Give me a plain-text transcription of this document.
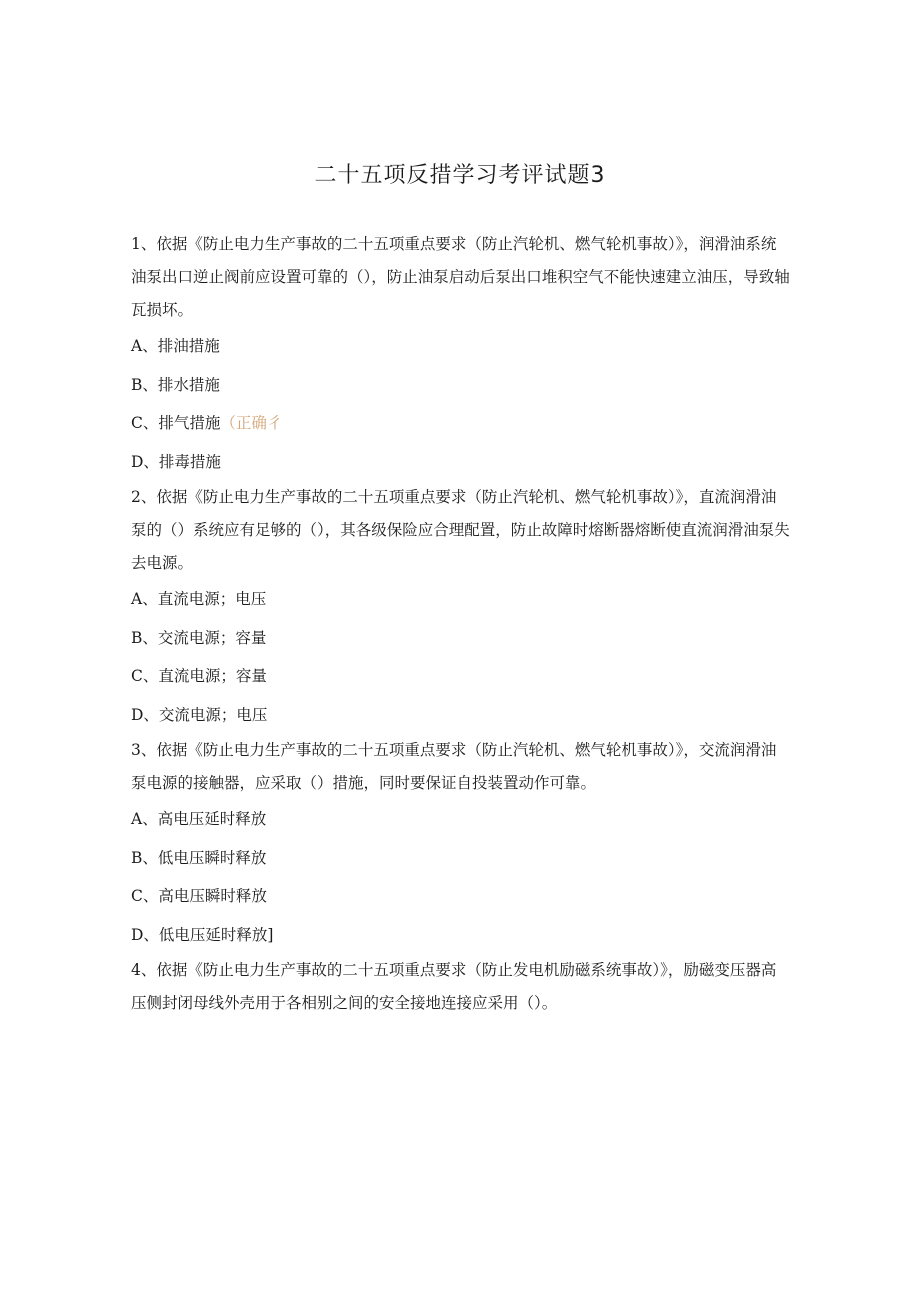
二十五项反措学习考评试题3

1、依据《防止电力生产事故的二十五项重点要求（防止汽轮机、燃气轮机事故）》，润滑油系统油泵出口逆止阀前应设置可靠的（），防止油泵启动后泵出口堆积空气不能快速建立油压，导致轴瓦损坏。

A、排油措施

B、排水措施

C、排气措施（正确彳

D、排毒措施

2、依据《防止电力生产事故的二十五项重点要求（防止汽轮机、燃气轮机事故）》，直流润滑油泵的（）系统应有足够的（），其各级保险应合理配置，防止故障时熔断器熔断使直流润滑油泵失去电源。

A、直流电源；电压

B、交流电源；容量

C、直流电源；容量

D、交流电源；电压

3、依据《防止电力生产事故的二十五项重点要求（防止汽轮机、燃气轮机事故）》，交流润滑油泵电源的接触器，应采取（）措施，同时要保证自投装置动作可靠。

A、高电压延时释放

B、低电压瞬时释放

C、高电压瞬时释放

D、低电压延时释放]

4、依据《防止电力生产事故的二十五项重点要求（防止发电机励磁系统事故）》，励磁变压器高压侧封闭母线外壳用于各相别之间的安全接地连接应采用（）。
